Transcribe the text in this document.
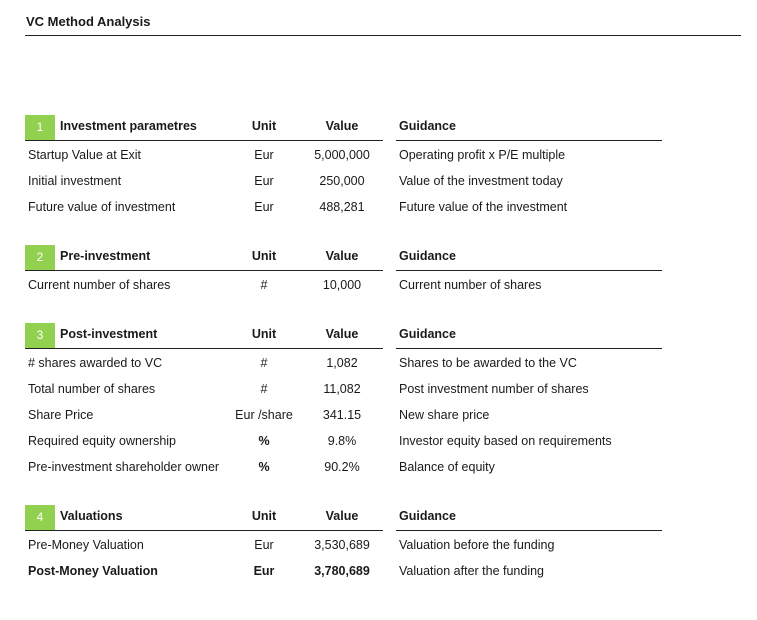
VC Method Analysis
1	Investment parametres	Unit	Value	Guidance
Startup Value at Exit	Eur	5,000,000	Operating profit x P/E multiple
Initial investment	Eur	250,000	Value of the investment today
Future value of investment	Eur	488,281	Future value of the investment
2	Pre-investment	Unit	Value	Guidance
Current number of shares	#	10,000	Current number of shares
3	Post-investment	Unit	Value	Guidance
# shares awarded to VC	#	1,082	Shares to be awarded to the VC
Total number of shares	#	11,082	Post investment number of shares
Share Price	Eur /share	341.15	New share price
Required equity ownership	%	9.8%	Investor equity based on requirements
Pre-investment shareholder owner	%	90.2%	Balance of equity
4	Valuations	Unit	Value	Guidance
Pre-Money Valuation	Eur	3,530,689	Valuation before the funding
Post-Money Valuation	Eur	3,780,689	Valuation after the funding
